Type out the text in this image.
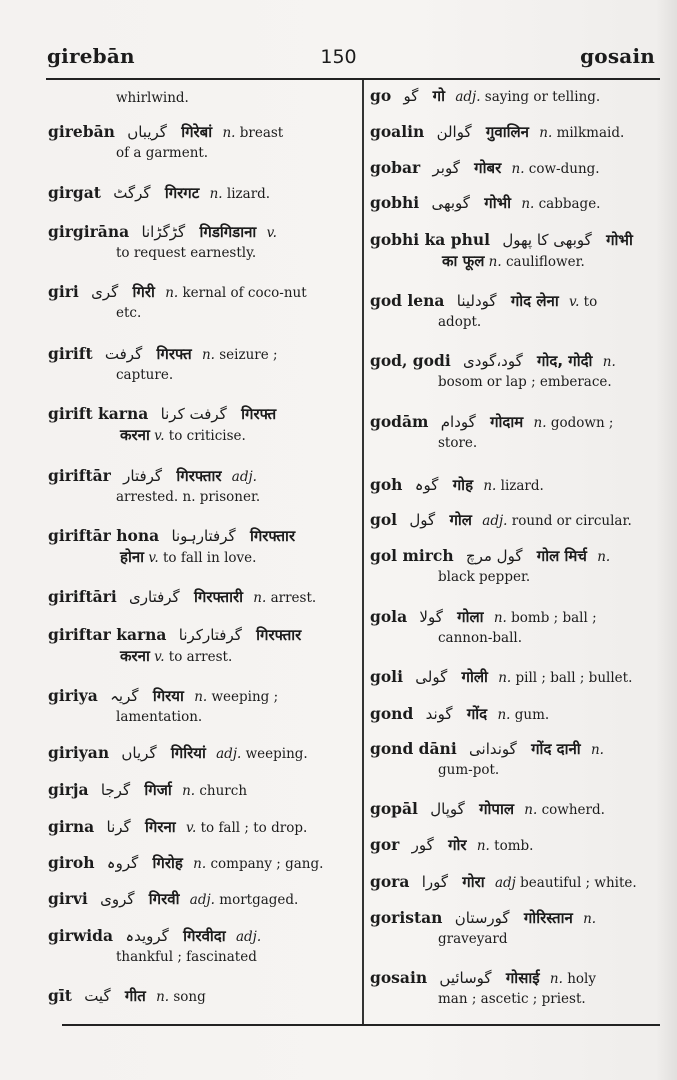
girebān	150	gosain
whirlwind.
girebān گریباں गिरेबां n. breast
of a garment.
girgat گرگٹ गिरगट n. lizard.
girgirāna گڑگڑانا गिडगिडाना v.
to request earnestly.
giri گری गिरी n. kernal of coco-nut
etc.
girift گرفت गिरफ्त n. seizure ;
capture.
girift karna گرفت کرنا गिरफ्त
करना v. to criticise.
giriftār گرفتار गिरफ्तार adj.
arrested. n. prisoner.
giriftār hona گرفتارہونا गिरफ्तार
होना v. to fall in love.
giriftāri گرفتاری गिरफ्तारी n. arrest.
giriftar karna گرفتارکرنا गिरफ्तार
करना v. to arrest.
giriya گریہ गिरया n. weeping ;
lamentation.
giriyan گریاں गिरियां adj. weeping.
girja گرجا गिर्जा n. church
girna گرنا गिरना v. to fall ; to drop.
giroh گروہ गिरोह n. company ; gang.
girvi گروی गिरवी adj. mortgaged.
girwida گرویدہ गिरवीदा adj.
thankful ; fascinated
gīt گیت गीत n. song
go گو गो adj. saying or telling.
goalin گوالن गुवालिन n. milkmaid.
gobar گوبر गोबर n. cow-dung.
gobhi گوبھی गोभी n. cabbage.
gobhi ka phul گوبھی کا پھول गोभी
का फूल n. cauliflower.
god lena گودلینا गोद लेना v. to
adopt.
god, godi گود،گودی गोद, गोदी n.
bosom or lap ; emberace.
godām گودام गोदाम n. godown ;
store.
goh گوہ गोह n. lizard.
gol گول गोल adj. round or circular.
gol mirch گول مرچ गोल मिर्च n.
black pepper.
gola گولا गोला n. bomb ; ball ;
cannon-ball.
goli گولی गोली n. pill ; ball ; bullet.
gond گوند गोंद n. gum.
gond dāni گوندانی गोंद दानी n.
gum-pot.
gopāl گوپال गोपाल n. cowherd.
gor گور गोर n. tomb.
gora گورا गोरा adj beautiful ; white.
goristan گورستان गोरिस्तान n.
graveyard
gosain گوسائیں गोसाई n. holy
man ; ascetic ; priest.
